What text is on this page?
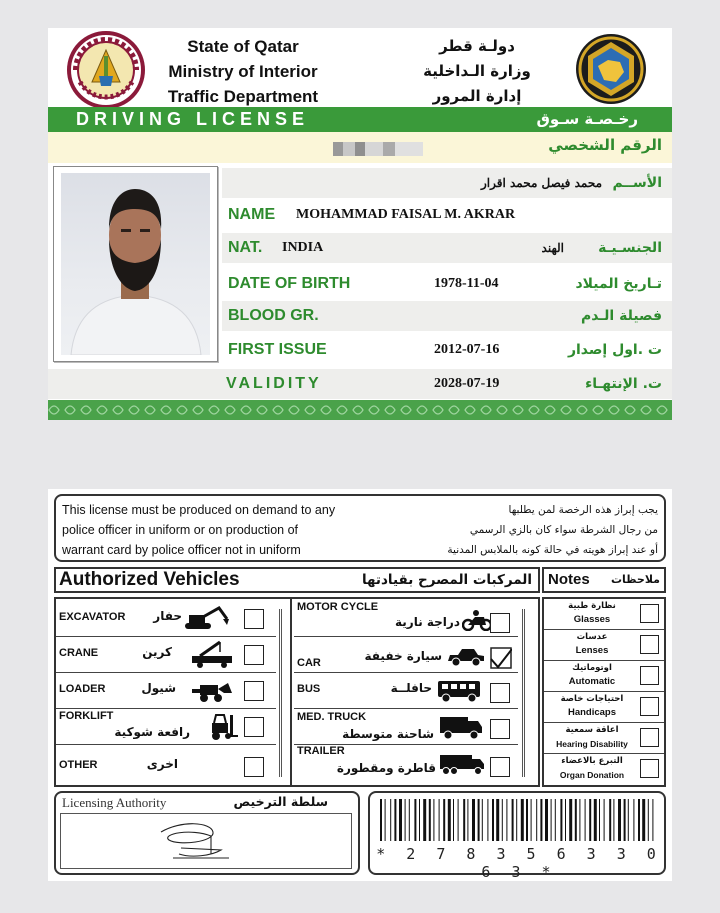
State of Qatar
Ministry of Interior
Traffic Department
دولـة قطر
وزارة الـداخلية
إدارة المرور
DRIVING LICENSE	رخـصـة سـوق
الرقم الشخصي
محمد فيصل محمد اقرار الأســم
NAME MOHAMMAD FAISAL M. AKRAR
NAT. INDIA	الهند الجنسـيـة
DATE OF BIRTH	1978-11-04	تـاريخ الميلاد
BLOOD GR.	فصيلة الـدم
FIRST ISSUE	2012-07-16	ت .اول إصدار
VALIDITY	2028-07-19	ت. الإنتهـاء
This license must be produced on demand to any
police officer in uniform or on production of
warrant card by police officer not in uniform
يجب إبراز هذه الرخصة لمن يطلبها
من رجال الشرطة سواء كان بالزي الرسمي
أو عند إبراز هويته في حالة كونه بالملابس المدنية
Authorized Vehicles	المركبات المصرح بقيادتها Notes ملاحظات
EXCAVATOR حفار
CRANE	كرين
LOADER	شيول
FORKLIFT
رافعة شوكية
OTHER	اخرى
MOTOR CYCLE
دراجة نارية
CAR	سيارة خفيفة
BUS	حافلــة
MED. TRUCK
شاحنة متوسطة
TRAILER
قاطرة ومقطورة
نظارة طبية
Glasses
عدسات
Lenses
اوتوماتيك
Automatic
احتياجات خاصة
Handicaps
اعاقة سمعية
Hearing Disability
التبرع بالاعضاء
Organ Donation
Licensing Authority	سلطة الترخيص
* 2 7 8 3 5 6 3 3 0 6 3 *
